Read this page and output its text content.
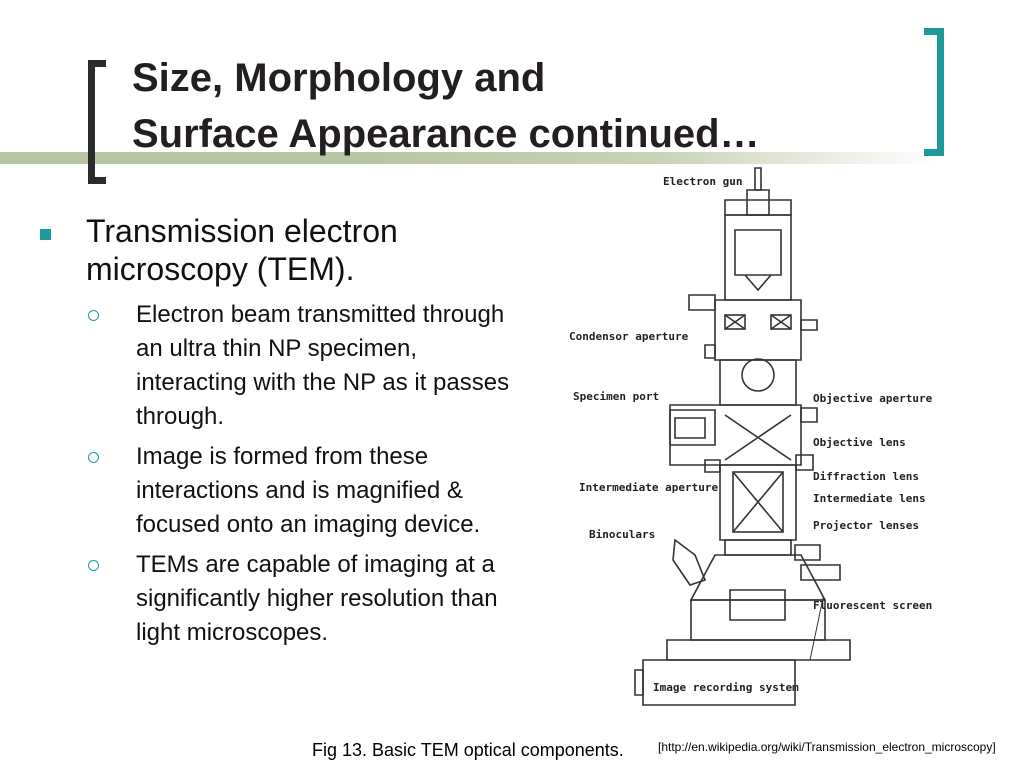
Size, Morphology and
Surface Appearance continued…
Transmission electron microscopy (TEM).
Electron beam transmitted through an ultra thin NP specimen, interacting with the NP as it passes through.
Image is formed from these interactions and is magnified & focused onto an imaging device.
TEMs are capable of imaging at a significantly higher resolution than light microscopes.
Electron gun
Condensor aperture
Specimen port	Objective aperture
Objective lens
Diffraction lens
Intermediate aperture
Intermediate lens
Projector lenses
Binoculars
Fluorescent screen
Image recording system
Fig 13. Basic TEM optical components.	[http://en.wikipedia.org/wiki/Transmission_electron_microscopy]
